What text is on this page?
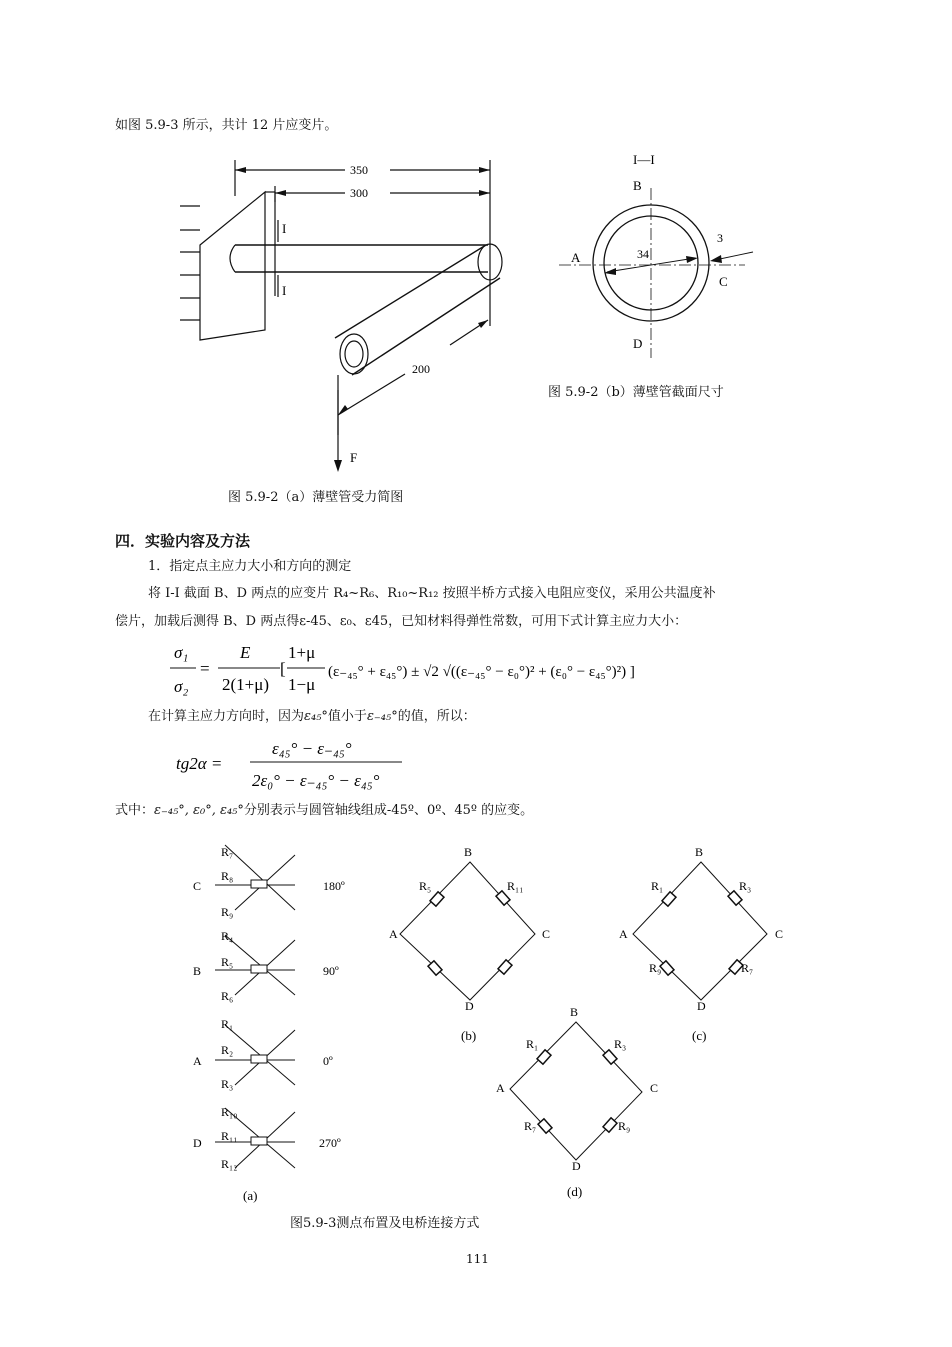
如图 5.9-3 所示，共计 12 片应变片。
350
300
200
I
I
F
图 5.9-2（a）薄壁管受力简图
I—I
B
A
C
D
34
3
图 5.9-2（b）薄壁管截面尺寸
四．实验内容及方法
1．指定点主应力大小和方向的测定
将 I-I 截面 B、D 两点的应变片 R₄~R₆、R₁₀~R₁₂ 按照半桥方式接入电阻应变仪，采用公共温度补
偿片，加载后测得 B、D 两点得ε-45、ε₀、ε45，已知材料得弹性常数，可用下式计算主应力大小：
σ₁
σ₂
=
E
2(1+μ)
[
1+μ
1−μ
(ε₋₄₅° + ε₄₅°) ± √2 √((ε₋₄₅° − ε₀°)² + (ε₀° − ε₄₅°)²) ]
在计算主应力方向时，因为ε₄₅°值小于ε₋₄₅°的值，所以：
tg2α =
ε₄₅° − ε₋₄₅°
2ε₀° − ε₋₄₅° − ε₄₅°
式中：ε₋₄₅°, ε₀°, ε₄₅°分别表示与圆管轴线组成-45º、0º、45º 的应变。
C
R₇
R₈
R₉
180º
B
R₄
R₅
R₆
90º
A
R₁
R₂
R₃
0º
D
R₁₀
R₁₁
R₁₂
270º
(a)
B
A	C
D
R₅	R₁₁
(b)
B
A	C
D
R₁	R₃
R₉	R₇
(c)
B
A	C
D
R₁	R₃
R₇	R₉
(d)
图5.9-3测点布置及电桥连接方式
111
